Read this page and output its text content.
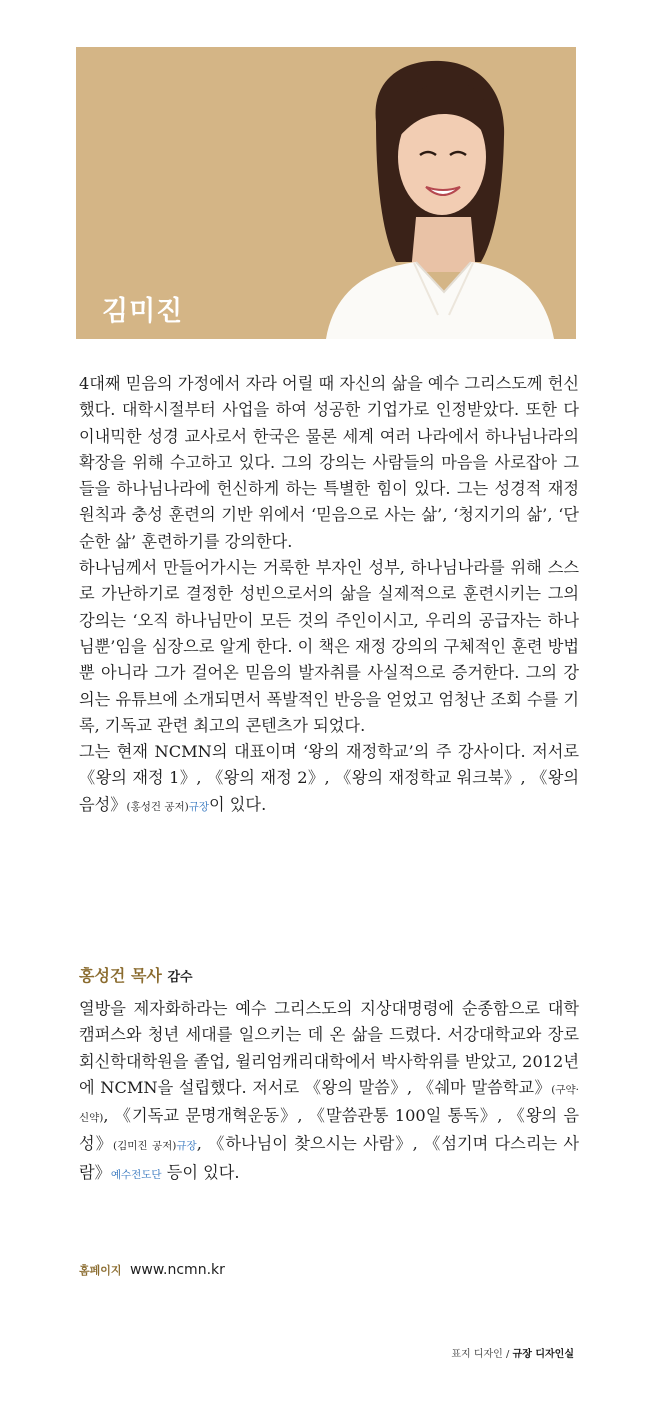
김미진

4대째 믿음의 가정에서 자라 어릴 때 자신의 삶을 예수 그리스도께 헌신했다. 대학시절부터 사업을 하여 성공한 기업가로 인정받았다. 또한 다이내믹한 성경 교사로서 한국은 물론 세계 여러 나라에서 하나님나라의 확장을 위해 수고하고 있다. 그의 강의는 사람들의 마음을 사로잡아 그들을 하나님나라에 헌신하게 하는 특별한 힘이 있다. 그는 성경적 재정 원칙과 충성 훈련의 기반 위에서 ‘믿음으로 사는 삶’, ‘청지기의 삶’, ‘단순한 삶’ 훈련하기를 강의한다.

하나님께서 만들어가시는 거룩한 부자인 성부, 하나님나라를 위해 스스로 가난하기로 결정한 성빈으로서의 삶을 실제적으로 훈련시키는 그의 강의는 ‘오직 하나님만이 모든 것의 주인이시고, 우리의 공급자는 하나님뿐’임을 심장으로 알게 한다. 이 책은 재정 강의의 구체적인 훈련 방법뿐 아니라 그가 걸어온 믿음의 발자취를 사실적으로 증거한다. 그의 강의는 유튜브에 소개되면서 폭발적인 반응을 얻었고 엄청난 조회 수를 기록, 기독교 관련 최고의 콘텐츠가 되었다.

그는 현재 NCMN의 대표이며 ‘왕의 재정학교’의 주 강사이다. 저서로 《왕의 재정 1》, 《왕의 재정 2》, 《왕의 재정학교 워크북》, 《왕의 음성》(홍성건 공저)규장이 있다.

홍성건 목사 감수

열방을 제자화하라는 예수 그리스도의 지상대명령에 순종함으로 대학 캠퍼스와 청년 세대를 일으키는 데 온 삶을 드렸다. 서강대학교와 장로회신학대학원을 졸업, 윌리엄캐리대학에서 박사학위를 받았고, 2012년에 NCMN을 설립했다. 저서로 《왕의 말씀》, 《쉐마 말씀학교》(구약·신약), 《기독교 문명개혁운동》, 《말씀관통 100일 통독》, 《왕의 음성》(김미진 공저)규장, 《하나님이 찾으시는 사람》, 《섬기며 다스리는 사람》예수전도단 등이 있다.

홈페이지 www.ncmn.kr
표지 디자인 / 규장 디자인실
